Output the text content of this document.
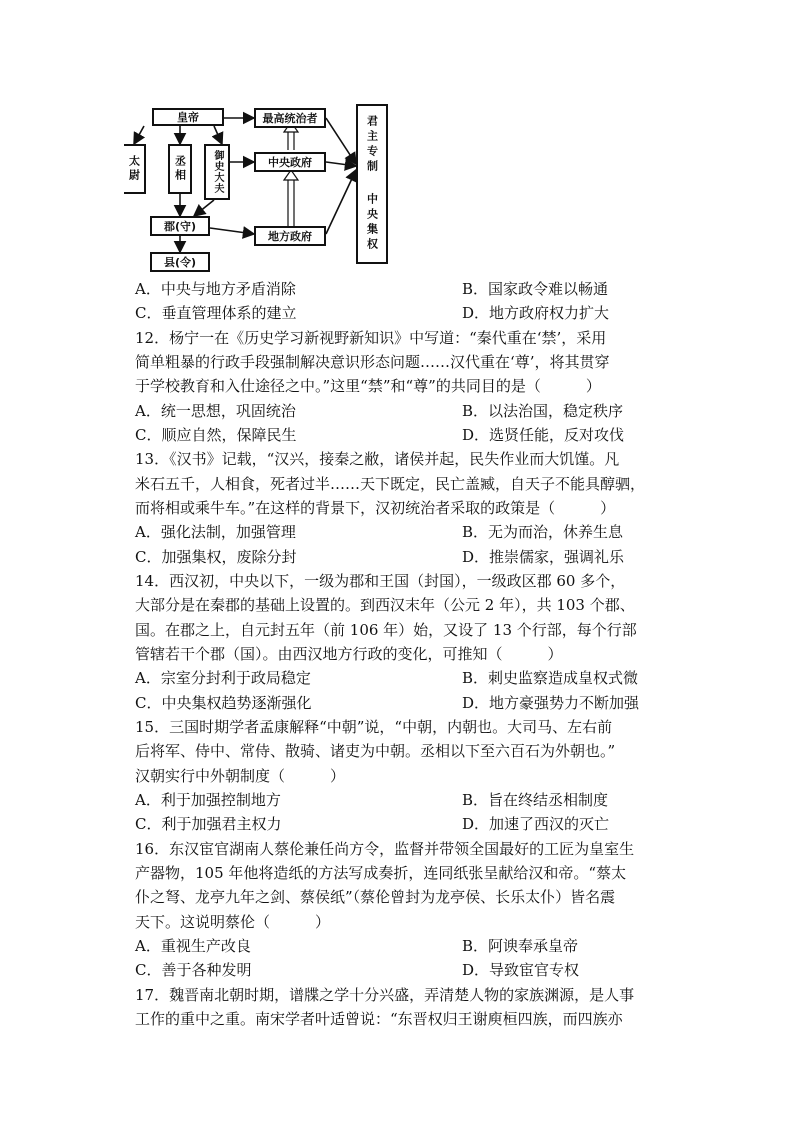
皇帝
太尉	丞相	御史大夫
郡(守)
县(令)
最高统治者
中央政府
地方政府
君主专制
中央集权
A．中央与地方矛盾消除	B．国家政令难以畅通
C．垂直管理体系的建立	D．地方政府权力扩大
12．杨宁一在《历史学习新视野新知识》中写道：“秦代重在‘禁’，采用
简单粗暴的行政手段强制解决意识形态问题……汉代重在‘尊’，将其贯穿
于学校教育和入仕途径之中。”这里“禁”和“尊”的共同目的是（　　　）
A．统一思想，巩固统治	B．以法治国，稳定秩序
C．顺应自然，保障民生	D．选贤任能，反对攻伐
13．《汉书》记载，“汉兴，接秦之敝，诸侯并起，民失作业而大饥馑。凡
米石五千，人相食，死者过半……天下既定，民亡盖臧，自天子不能具醇驷，
而将相或乘牛车。”在这样的背景下，汉初统治者采取的政策是（　　　）
A．强化法制，加强管理	B．无为而治，休养生息
C．加强集权，废除分封	D．推崇儒家，强调礼乐
14．西汉初，中央以下，一级为郡和王国（封国），一级政区郡 60 多个，
大部分是在秦郡的基础上设置的。到西汉末年（公元 2 年），共 103 个郡、
国。在郡之上，自元封五年（前 106 年）始，又设了 13 个行部，每个行部
管辖若干个郡（国）。由西汉地方行政的变化，可推知（　　　）
A．宗室分封利于政局稳定	B．刺史监察造成皇权式微
C．中央集权趋势逐渐强化	D．地方豪强势力不断加强
15．三国时期学者孟康解释“中朝”说，“中朝，内朝也。大司马、左右前
后将军、侍中、常侍、散骑、诸吏为中朝。丞相以下至六百石为外朝也。”
汉朝实行中外朝制度（　　　）
A．利于加强控制地方	B．旨在终结丞相制度
C．利于加强君主权力	D．加速了西汉的灭亡
16．东汉宦官湖南人蔡伦兼任尚方令，监督并带领全国最好的工匠为皇室生
产器物，105 年他将造纸的方法写成奏折，连同纸张呈献给汉和帝。“蔡太
仆之弩、龙亭九年之剑、蔡侯纸”（蔡伦曾封为龙亭侯、长乐太仆）皆名震
天下。这说明蔡伦（　　　）
A．重视生产改良	B．阿谀奉承皇帝
C．善于各种发明	D．导致宦官专权
17．魏晋南北朝时期，谱牒之学十分兴盛，弄清楚人物的家族渊源，是人事
工作的重中之重。南宋学者叶适曾说：“东晋权归王谢庾桓四族，而四族亦
